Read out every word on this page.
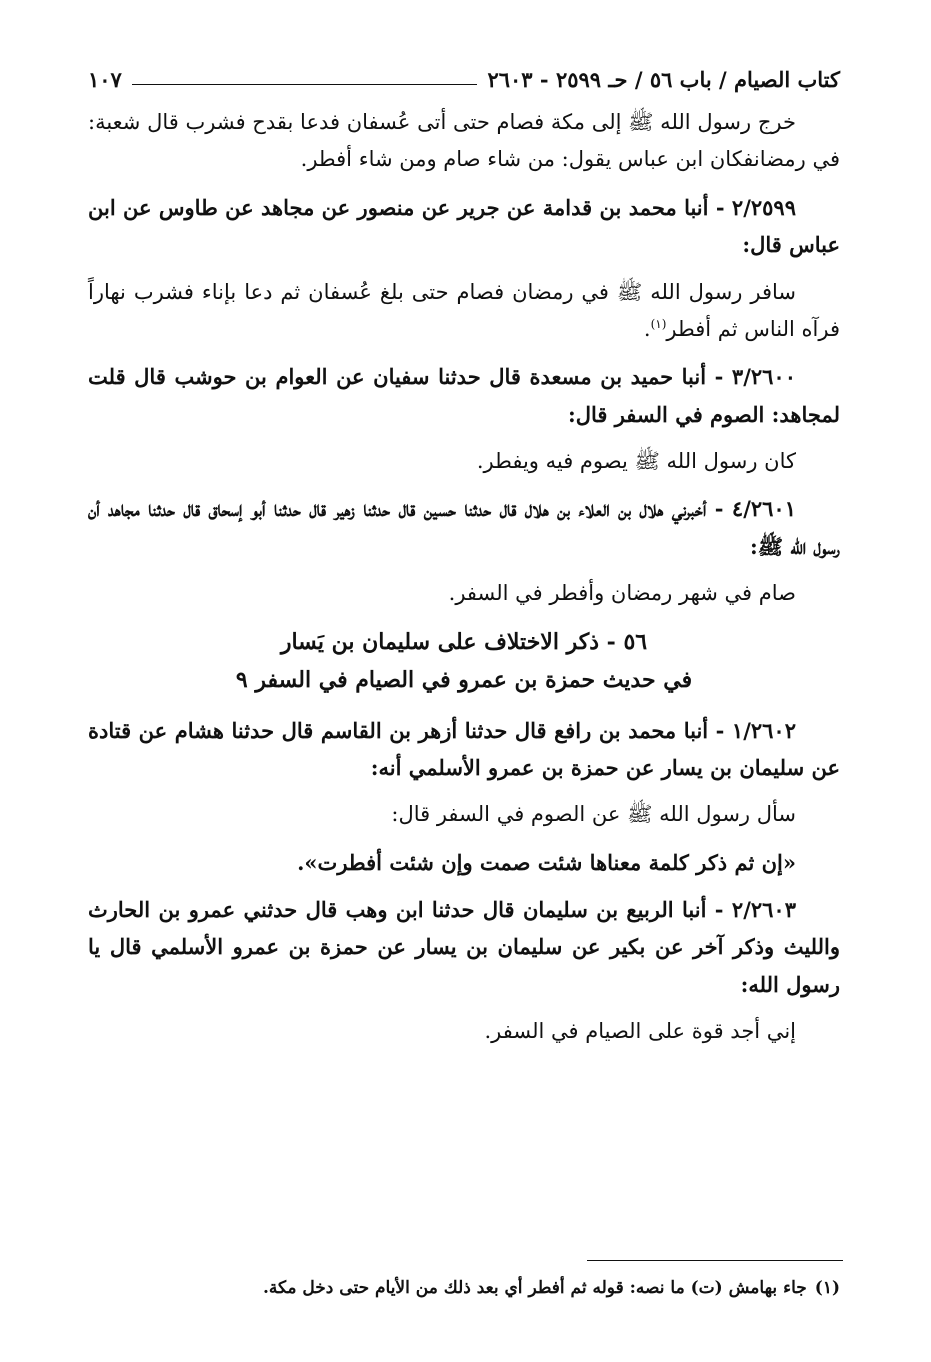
كتاب الصيام / باب ٥٦ / حـ ٢٥٩٩ - ٢٦٠٣
١٠٧

خرج رسول الله ﷺ إلى مكة فصام حتى أتى عُسفان فدعا بقدح فشرب قال شعبة: في رمضانفكان ابن عباس يقول: من شاء صام ومن شاء أفطر.

٢/٢٥٩٩ - أنبا محمد بن قدامة عن جرير عن منصور عن مجاهد عن طاوس عن ابن عباس قال:

سافر رسول الله ﷺ في رمضان فصام حتى بلغ عُسفان ثم دعا بإناء فشرب نهاراً فرآه الناس ثم أفطر$^{(١)}$.

٣/٢٦٠٠ - أنبا حميد بن مسعدة قال حدثنا سفيان عن العوام بن حوشب قال قلت لمجاهد: الصوم في السفر قال:

كان رسول الله ﷺ يصوم فيه ويفطر.

٤/٢٦٠١ - أخبرني هلال بن العلاء بن هلال قال حدثنا حسين قال حدثنا زهير قال حدثنا أبو إسحاق قال حدثنا مجاهد أن رسول الله ﷺ:

صام في شهر رمضان وأفطر في السفر.

٥٦ - ذكر الاختلاف على سليمان بن يَسار
في حديث حمزة بن عمرو في الصيام في السفر ٩

١/٢٦٠٢ - أنبا محمد بن رافع قال حدثنا أزهر بن القاسم قال حدثنا هشام عن قتادة عن سليمان بن يسار عن حمزة بن عمرو الأسلمي أنه:

سأل رسول الله ﷺ عن الصوم في السفر قال:

«إن ثم ذكر كلمة معناها شئت صمت وإن شئت أفطرت».

٢/٢٦٠٣ - أنبا الربيع بن سليمان قال حدثنا ابن وهب قال حدثني عمرو بن الحارث والليث وذكر آخر عن بكير عن سليمان بن يسار عن حمزة بن عمرو الأسلمي قال يا رسول الله:

إني أجد قوة على الصيام في السفر.

(١)جاء بهامش (ت) ما نصه: قوله ثم أفطر أي بعد ذلك من الأيام حتى دخل مكة.
